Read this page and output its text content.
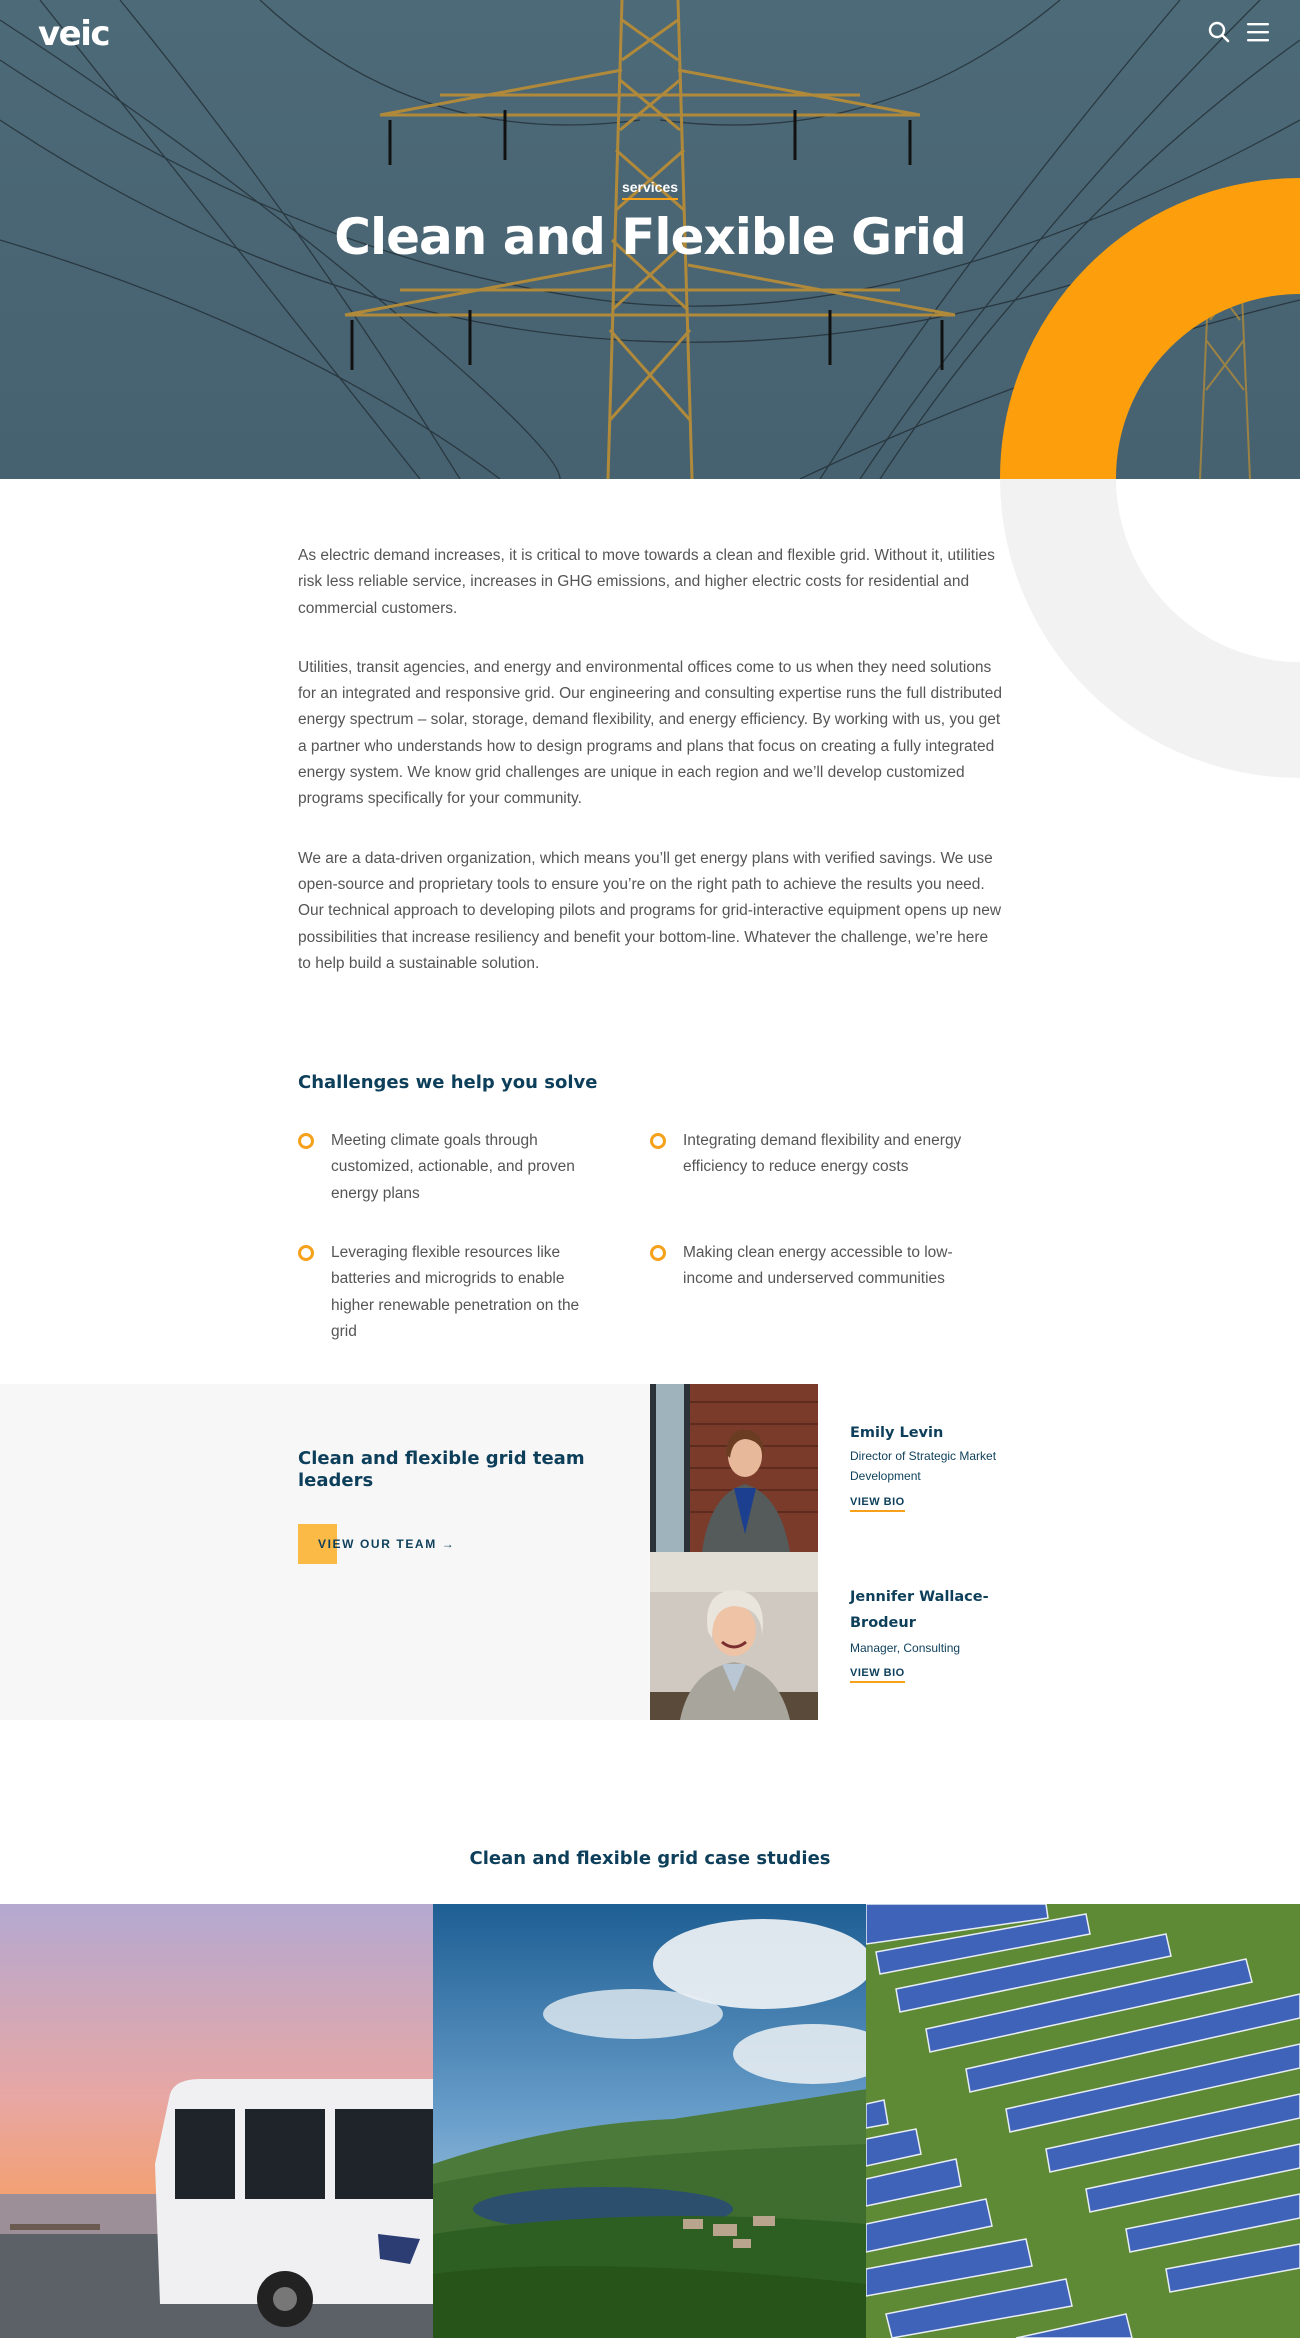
veic
services
Clean and Flexible Grid

As electric demand increases, it is critical to move towards a clean and flexible grid. Without it, utilities risk less reliable service, increases in GHG emissions, and higher electric costs for residential and commercial customers.

Utilities, transit agencies, and energy and environmental offices come to us when they need solutions for an integrated and responsive grid. Our engineering and consulting expertise runs the full distributed energy spectrum – solar, storage, demand flexibility, and energy efficiency. By working with us, you get a partner who understands how to design programs and plans that focus on creating a fully integrated energy system. We know grid challenges are unique in each region and we’ll develop customized programs specifically for your community.

We are a data-driven organization, which means you’ll get energy plans with verified savings. We use open-source and proprietary tools to ensure you’re on the right path to achieve the results you need. Our technical approach to developing pilots and programs for grid-interactive equipment opens up new possibilities that increase resiliency and benefit your bottom-line. Whatever the challenge, we’re here to help build a sustainable solution.

Challenges we help you solve
Meeting climate goals through customized, actionable, and proven energy plans
Integrating demand flexibility and energy efficiency to reduce energy costs
Leveraging flexible resources like batteries and microgrids to enable higher renewable penetration on the grid
Making clean energy accessible to low-income and underserved communities
Clean and flexible grid team leaders
VIEW OUR TEAM →
Emily Levin
Director of Strategic Market Development
VIEW BIO
Jennifer Wallace-Brodeur
Manager, Consulting
VIEW BIO
Clean and flexible grid case studies
